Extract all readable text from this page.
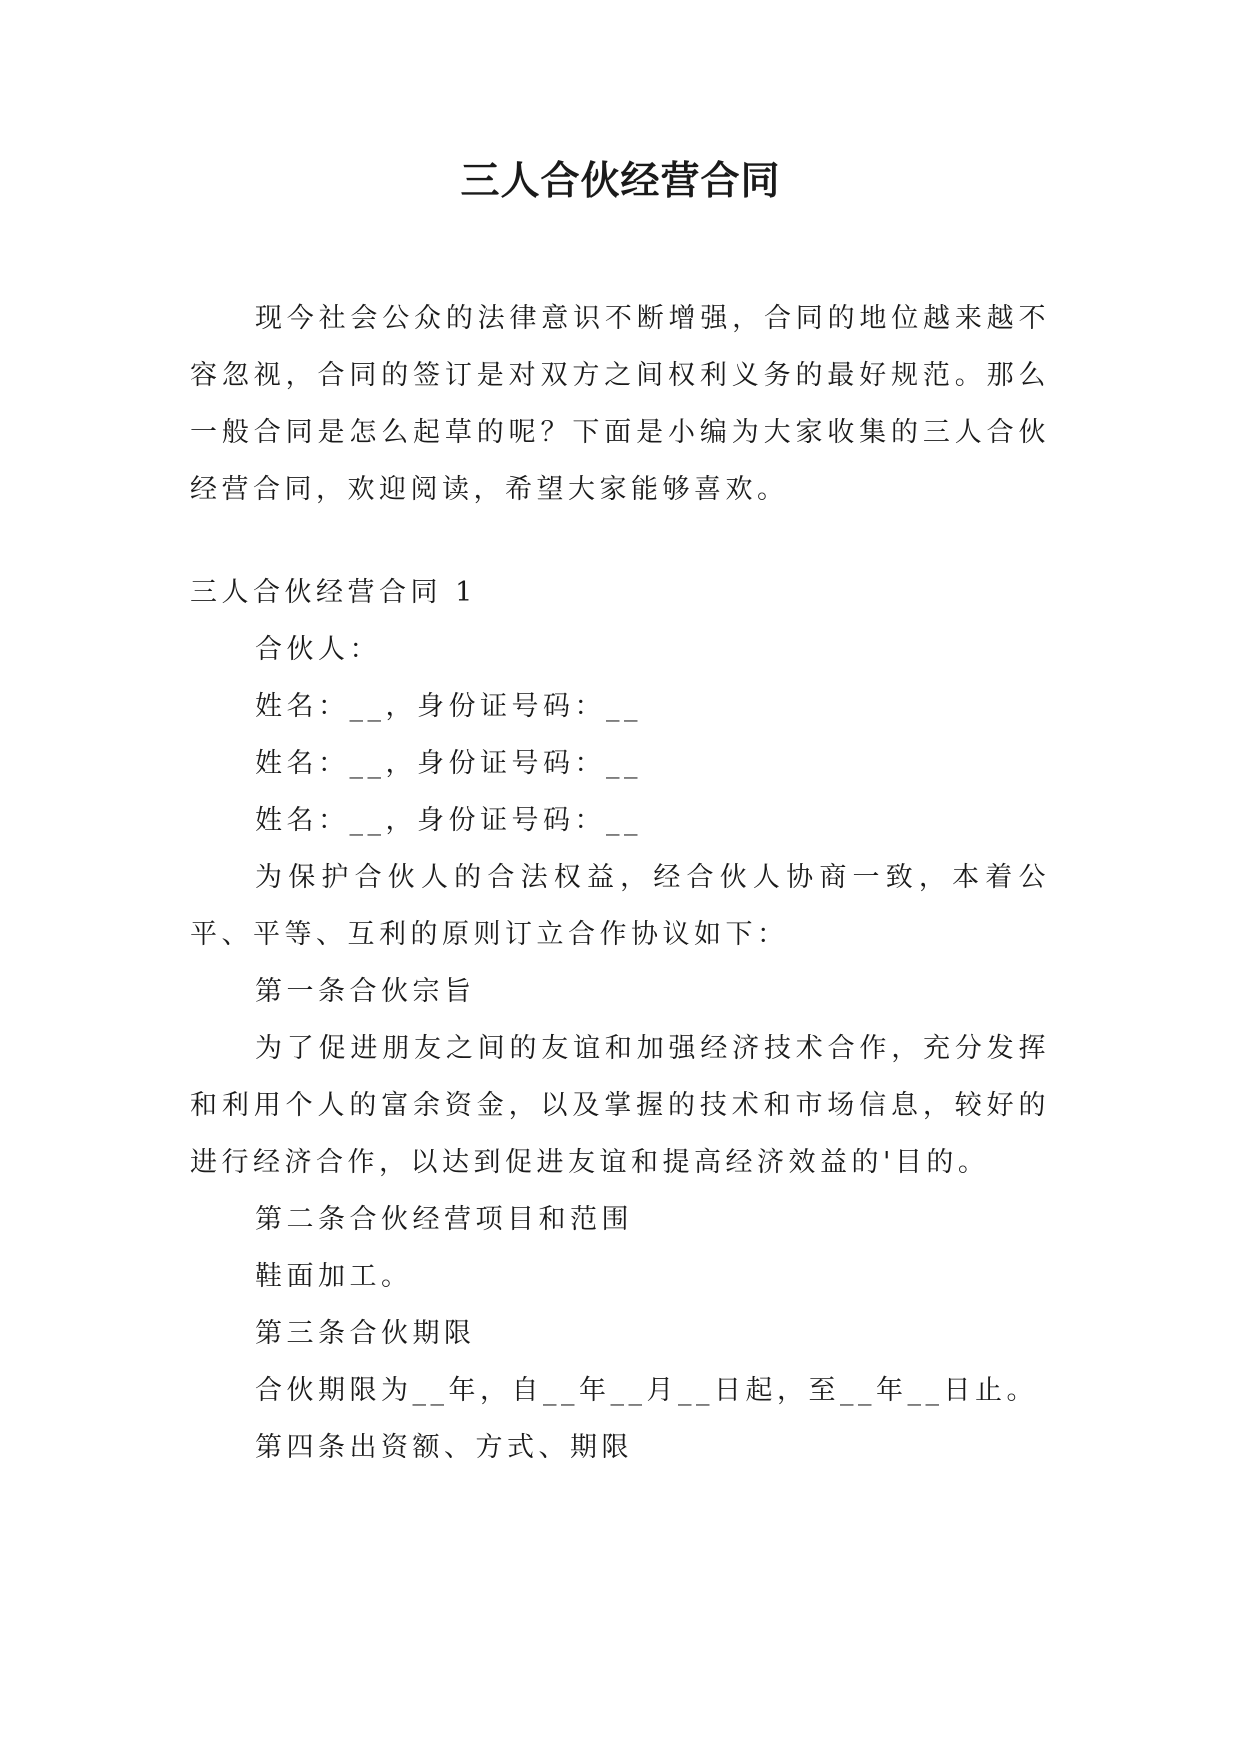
三人合伙经营合同

现今社会公众的法律意识不断增强，合同的地位越来越不容忽视，合同的签订是对双方之间权利义务的最好规范。那么一般合同是怎么起草的呢？下面是小编为大家收集的三人合伙经营合同，欢迎阅读，希望大家能够喜欢。

三人合伙经营合同 1

合伙人：

姓名：__，身份证号码：__

姓名：__，身份证号码：__

姓名：__，身份证号码：__

为保护合伙人的合法权益，经合伙人协商一致，本着公平、平等、互利的原则订立合作协议如下：

第一条合伙宗旨

为了促进朋友之间的友谊和加强经济技术合作，充分发挥和利用个人的富余资金，以及掌握的技术和市场信息，较好的进行经济合作，以达到促进友谊和提高经济效益的'目的。

第二条合伙经营项目和范围

鞋面加工。

第三条合伙期限

合伙期限为__年，自__年__月__日起，至__年__日止。

第四条出资额、方式、期限
